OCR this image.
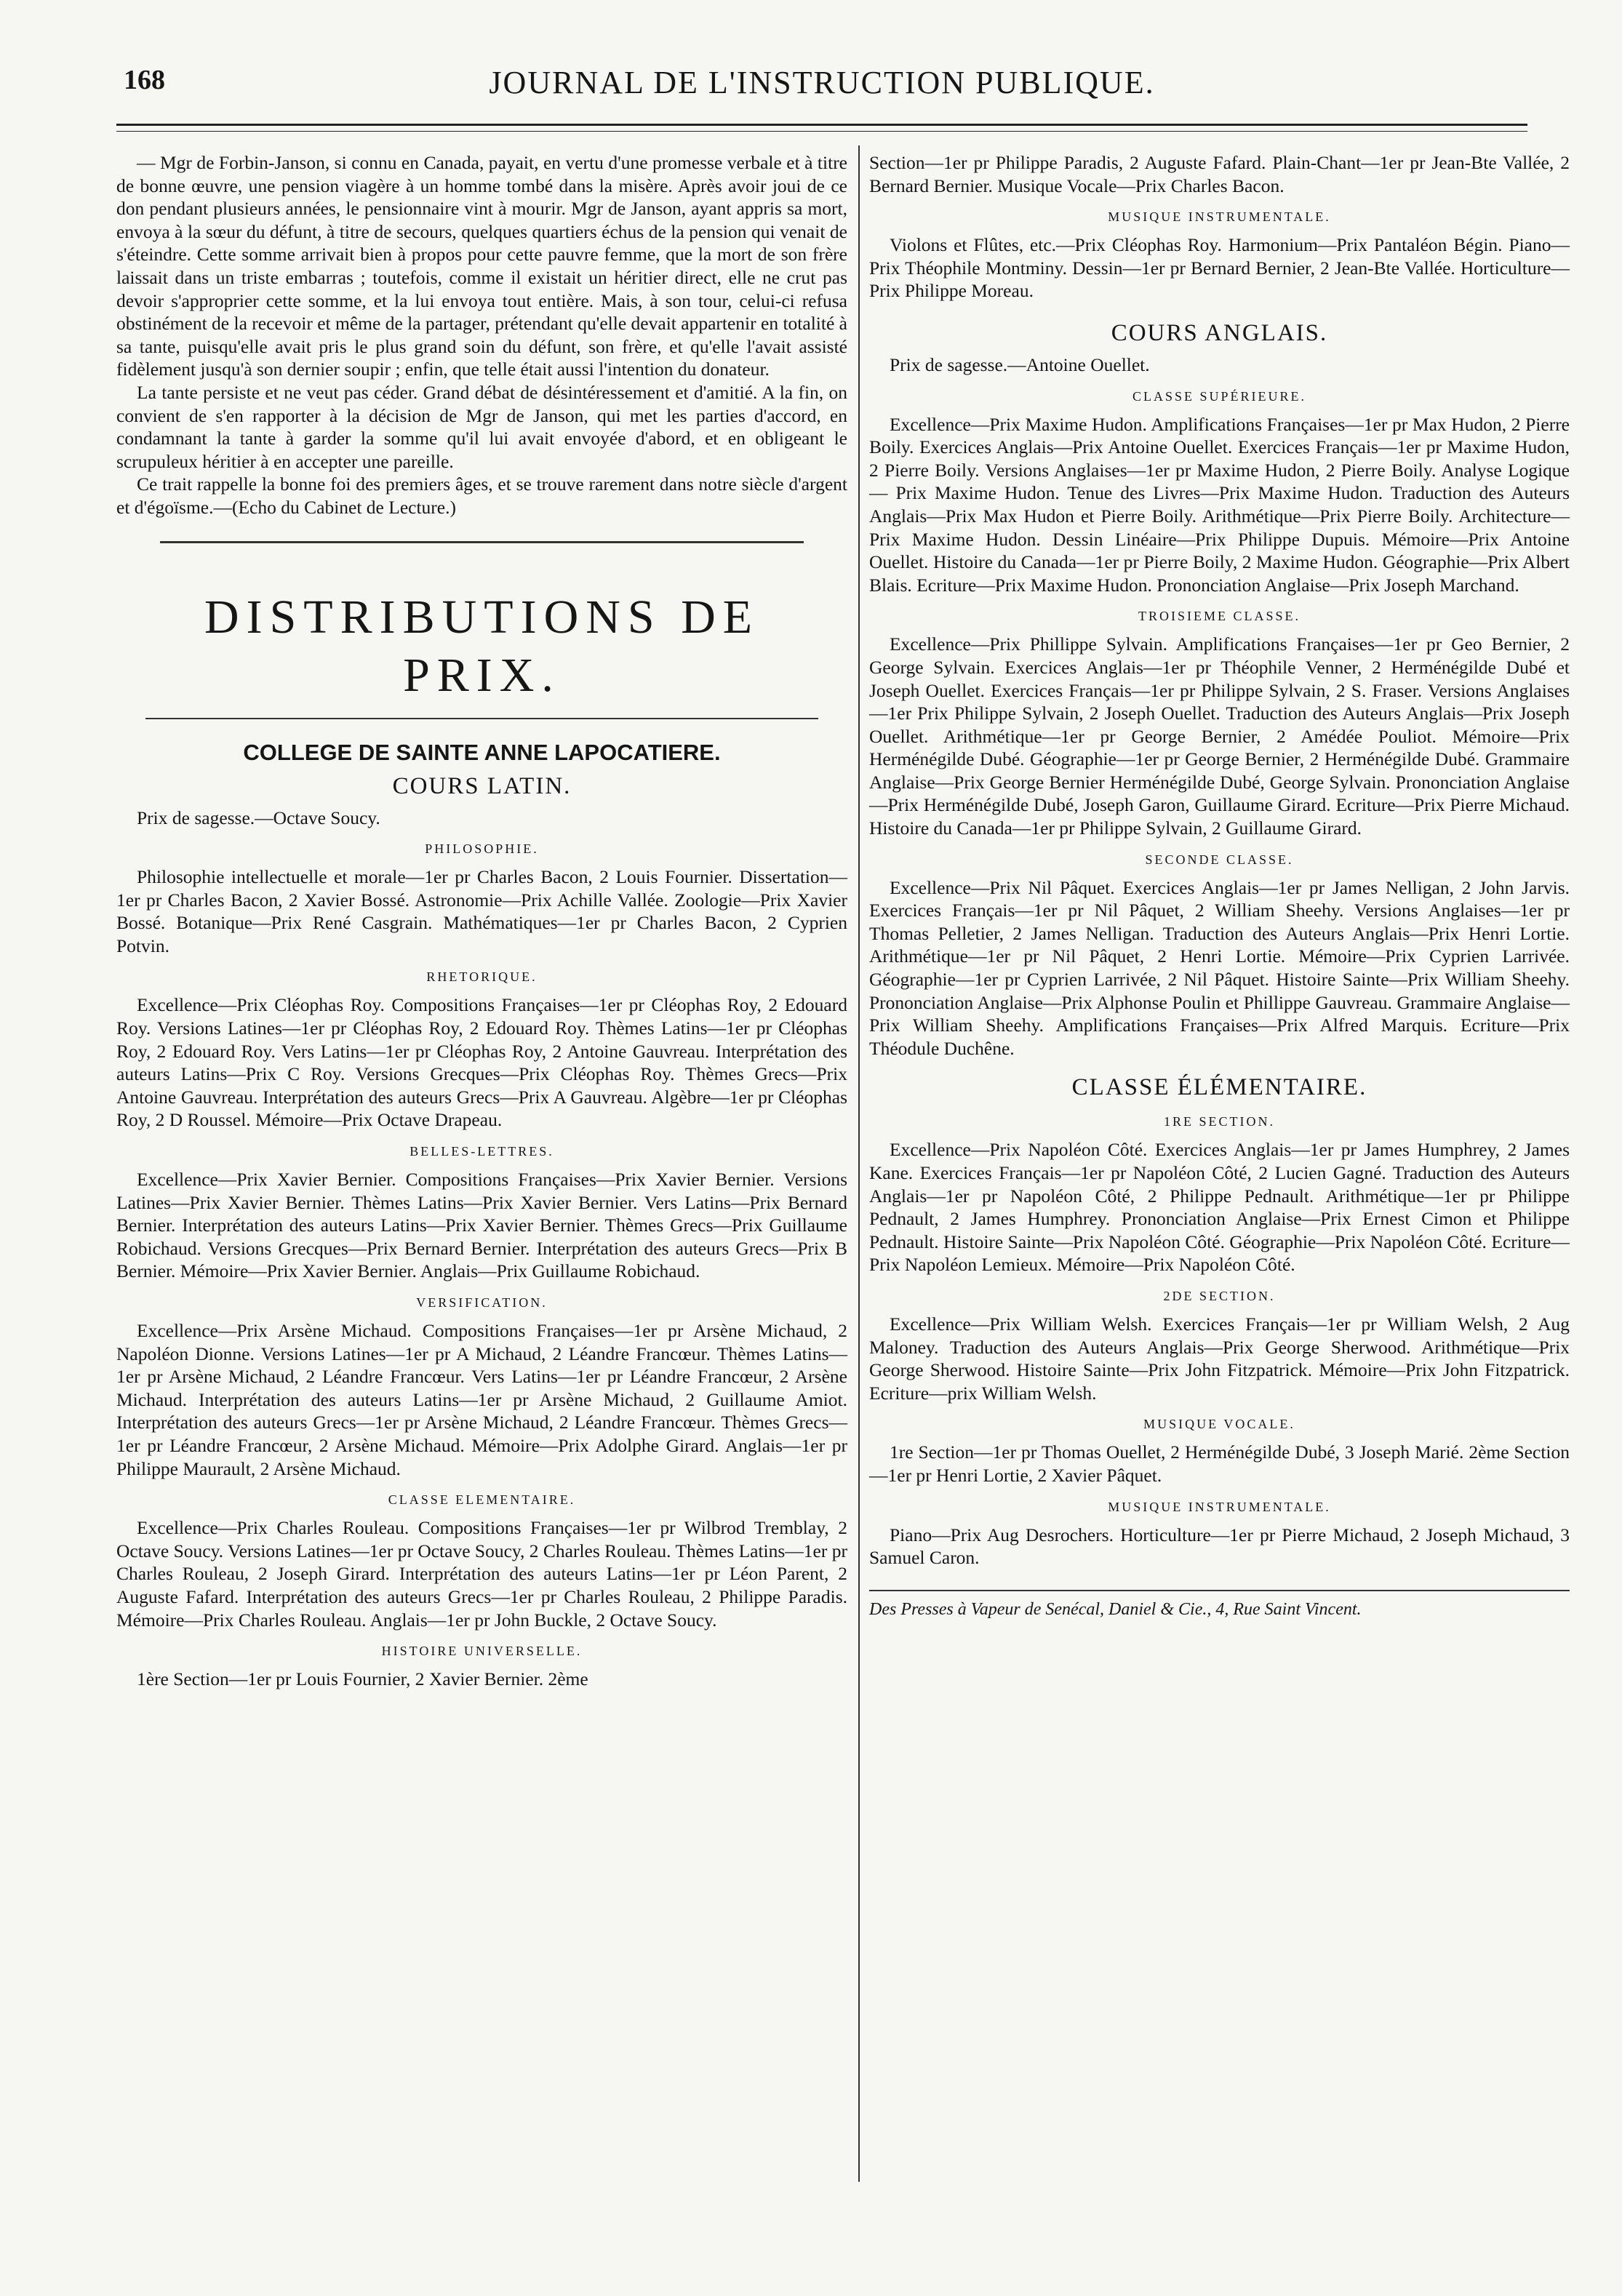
168	JOURNAL DE L'INSTRUCTION PUBLIQUE.

— Mgr de Forbin-Janson, si connu en Canada, payait, en vertu d'une promesse verbale et à titre de bonne œuvre, une pension viagère à un homme tombé dans la misère. Après avoir joui de ce don pendant plusieurs années, le pensionnaire vint à mourir. Mgr de Janson, ayant appris sa mort, envoya à la sœur du défunt, à titre de secours, quelques quartiers échus de la pension qui venait de s'éteindre. Cette somme arrivait bien à propos pour cette pauvre femme, que la mort de son frère laissait dans un triste embarras ; toutefois, comme il existait un héritier direct, elle ne crut pas devoir s'approprier cette somme, et la lui envoya tout entière. Mais, à son tour, celui-ci refusa obstinément de la recevoir et même de la partager, prétendant qu'elle devait appartenir en totalité à sa tante, puisqu'elle avait pris le plus grand soin du défunt, son frère, et qu'elle l'avait assisté fidèlement jusqu'à son dernier soupir ; enfin, que telle était aussi l'intention du donateur.

La tante persiste et ne veut pas céder. Grand débat de désintéressement et d'amitié. A la fin, on convient de s'en rapporter à la décision de Mgr de Janson, qui met les parties d'accord, en condamnant la tante à garder la somme qu'il lui avait envoyée d'abord, et en obligeant le scrupuleux héritier à en accepter une pareille.

Ce trait rappelle la bonne foi des premiers âges, et se trouve rarement dans notre siècle d'argent et d'égoïsme.—(Echo du Cabinet de Lecture.)

DISTRIBUTIONS DE PRIX.
COLLEGE DE SAINTE ANNE LAPOCATIERE.
COURS LATIN.

Prix de sagesse.—Octave Soucy.

PHILOSOPHIE.

Philosophie intellectuelle et morale—1er pr Charles Bacon, 2 Louis Fournier. Dissertation—1er pr Charles Bacon, 2 Xavier Bossé. Astronomie—Prix Achille Vallée. Zoologie—Prix Xavier Bossé. Botanique—Prix René Casgrain. Mathématiques—1er pr Charles Bacon, 2 Cyprien Potvin.

RHETORIQUE.

Excellence—Prix Cléophas Roy. Compositions Françaises—1er pr Cléophas Roy, 2 Edouard Roy. Versions Latines—1er pr Cléophas Roy, 2 Edouard Roy. Thèmes Latins—1er pr Cléophas Roy, 2 Edouard Roy. Vers Latins—1er pr Cléophas Roy, 2 Antoine Gauvreau. Interprétation des auteurs Latins—Prix C Roy. Versions Grecques—Prix Cléophas Roy. Thèmes Grecs—Prix Antoine Gauvreau. Interprétation des auteurs Grecs—Prix A Gauvreau. Algèbre—1er pr Cléophas Roy, 2 D Roussel. Mémoire—Prix Octave Drapeau.

BELLES-LETTRES.

Excellence—Prix Xavier Bernier. Compositions Françaises—Prix Xavier Bernier. Versions Latines—Prix Xavier Bernier. Thèmes Latins—Prix Xavier Bernier. Vers Latins—Prix Bernard Bernier. Interprétation des auteurs Latins—Prix Xavier Bernier. Thèmes Grecs—Prix Guillaume Robichaud. Versions Grecques—Prix Bernard Bernier. Interprétation des auteurs Grecs—Prix B Bernier. Mémoire—Prix Xavier Bernier. Anglais—Prix Guillaume Robichaud.

VERSIFICATION.

Excellence—Prix Arsène Michaud. Compositions Françaises—1er pr Arsène Michaud, 2 Napoléon Dionne. Versions Latines—1er pr A Michaud, 2 Léandre Francœur. Thèmes Latins—1er pr Arsène Michaud, 2 Léandre Francœur. Vers Latins—1er pr Léandre Francœur, 2 Arsène Michaud. Interprétation des auteurs Latins—1er pr Arsène Michaud, 2 Guillaume Amiot. Interprétation des auteurs Grecs—1er pr Arsène Michaud, 2 Léandre Francœur. Thèmes Grecs—1er pr Léandre Francœur, 2 Arsène Michaud. Mémoire—Prix Adolphe Girard. Anglais—1er pr Philippe Maurault, 2 Arsène Michaud.

CLASSE ELEMENTAIRE.

Excellence—Prix Charles Rouleau. Compositions Françaises—1er pr Wilbrod Tremblay, 2 Octave Soucy. Versions Latines—1er pr Octave Soucy, 2 Charles Rouleau. Thèmes Latins—1er pr Charles Rouleau, 2 Joseph Girard. Interprétation des auteurs Latins—1er pr Léon Parent, 2 Auguste Fafard. Interprétation des auteurs Grecs—1er pr Charles Rouleau, 2 Philippe Paradis. Mémoire—Prix Charles Rouleau. Anglais—1er pr John Buckle, 2 Octave Soucy.

HISTOIRE UNIVERSELLE.

1ère Section—1er pr Louis Fournier, 2 Xavier Bernier. 2ème

Section—1er pr Philippe Paradis, 2 Auguste Fafard. Plain-Chant—1er pr Jean-Bte Vallée, 2 Bernard Bernier. Musique Vocale—Prix Charles Bacon.

MUSIQUE INSTRUMENTALE.

Violons et Flûtes, etc.—Prix Cléophas Roy. Harmonium—Prix Pantaléon Bégin. Piano—Prix Théophile Montminy. Dessin—1er pr Bernard Bernier, 2 Jean-Bte Vallée. Horticulture—Prix Philippe Moreau.

COURS ANGLAIS.

Prix de sagesse.—Antoine Ouellet.

CLASSE SUPÉRIEURE.

Excellence—Prix Maxime Hudon. Amplifications Françaises—1er pr Max Hudon, 2 Pierre Boily. Exercices Anglais—Prix Antoine Ouellet. Exercices Français—1er pr Maxime Hudon, 2 Pierre Boily. Versions Anglaises—1er pr Maxime Hudon, 2 Pierre Boily. Analyse Logique — Prix Maxime Hudon. Tenue des Livres—Prix Maxime Hudon. Traduction des Auteurs Anglais—Prix Max Hudon et Pierre Boily. Arithmétique—Prix Pierre Boily. Architecture—Prix Maxime Hudon. Dessin Linéaire—Prix Philippe Dupuis. Mémoire—Prix Antoine Ouellet. Histoire du Canada—1er pr Pierre Boily, 2 Maxime Hudon. Géographie—Prix Albert Blais. Ecriture—Prix Maxime Hudon. Prononciation Anglaise—Prix Joseph Marchand.

TROISIEME CLASSE.

Excellence—Prix Phillippe Sylvain. Amplifications Françaises—1er pr Geo Bernier, 2 George Sylvain. Exercices Anglais—1er pr Théophile Venner, 2 Herménégilde Dubé et Joseph Ouellet. Exercices Français—1er pr Philippe Sylvain, 2 S. Fraser. Versions Anglaises—1er Prix Philippe Sylvain, 2 Joseph Ouellet. Traduction des Auteurs Anglais—Prix Joseph Ouellet. Arithmétique—1er pr George Bernier, 2 Amédée Pouliot. Mémoire—Prix Herménégilde Dubé. Géographie—1er pr George Bernier, 2 Herménégilde Dubé. Grammaire Anglaise—Prix George Bernier Herménégilde Dubé, George Sylvain. Prononciation Anglaise—Prix Herménégilde Dubé, Joseph Garon, Guillaume Girard. Ecriture—Prix Pierre Michaud. Histoire du Canada—1er pr Philippe Sylvain, 2 Guillaume Girard.

SECONDE CLASSE.

Excellence—Prix Nil Pâquet. Exercices Anglais—1er pr James Nelligan, 2 John Jarvis. Exercices Français—1er pr Nil Pâquet, 2 William Sheehy. Versions Anglaises—1er pr Thomas Pelletier, 2 James Nelligan. Traduction des Auteurs Anglais—Prix Henri Lortie. Arithmétique—1er pr Nil Pâquet, 2 Henri Lortie. Mémoire—Prix Cyprien Larrivée. Géographie—1er pr Cyprien Larrivée, 2 Nil Pâquet. Histoire Sainte—Prix William Sheehy. Prononciation Anglaise—Prix Alphonse Poulin et Phillippe Gauvreau. Grammaire Anglaise—Prix William Sheehy. Amplifications Françaises—Prix Alfred Marquis. Ecriture—Prix Théodule Duchêne.

CLASSE ÉLÉMENTAIRE.
1RE SECTION.

Excellence—Prix Napoléon Côté. Exercices Anglais—1er pr James Humphrey, 2 James Kane. Exercices Français—1er pr Napoléon Côté, 2 Lucien Gagné. Traduction des Auteurs Anglais—1er pr Napoléon Côté, 2 Philippe Pednault. Arithmétique—1er pr Philippe Pednault, 2 James Humphrey. Prononciation Anglaise—Prix Ernest Cimon et Philippe Pednault. Histoire Sainte—Prix Napoléon Côté. Géographie—Prix Napoléon Côté. Ecriture—Prix Napoléon Lemieux. Mémoire—Prix Napoléon Côté.

2DE SECTION.

Excellence—Prix William Welsh. Exercices Français—1er pr William Welsh, 2 Aug Maloney. Traduction des Auteurs Anglais—Prix George Sherwood. Arithmétique—Prix George Sherwood. Histoire Sainte—Prix John Fitzpatrick. Mémoire—Prix John Fitzpatrick. Ecriture—prix William Welsh.

MUSIQUE VOCALE.

1re Section—1er pr Thomas Ouellet, 2 Herménégilde Dubé, 3 Joseph Marié. 2ème Section—1er pr Henri Lortie, 2 Xavier Pâquet.

MUSIQUE INSTRUMENTALE.

Piano—Prix Aug Desrochers. Horticulture—1er pr Pierre Michaud, 2 Joseph Michaud, 3 Samuel Caron.

Des Presses à Vapeur de Senécal, Daniel & Cie., 4, Rue Saint Vincent.
